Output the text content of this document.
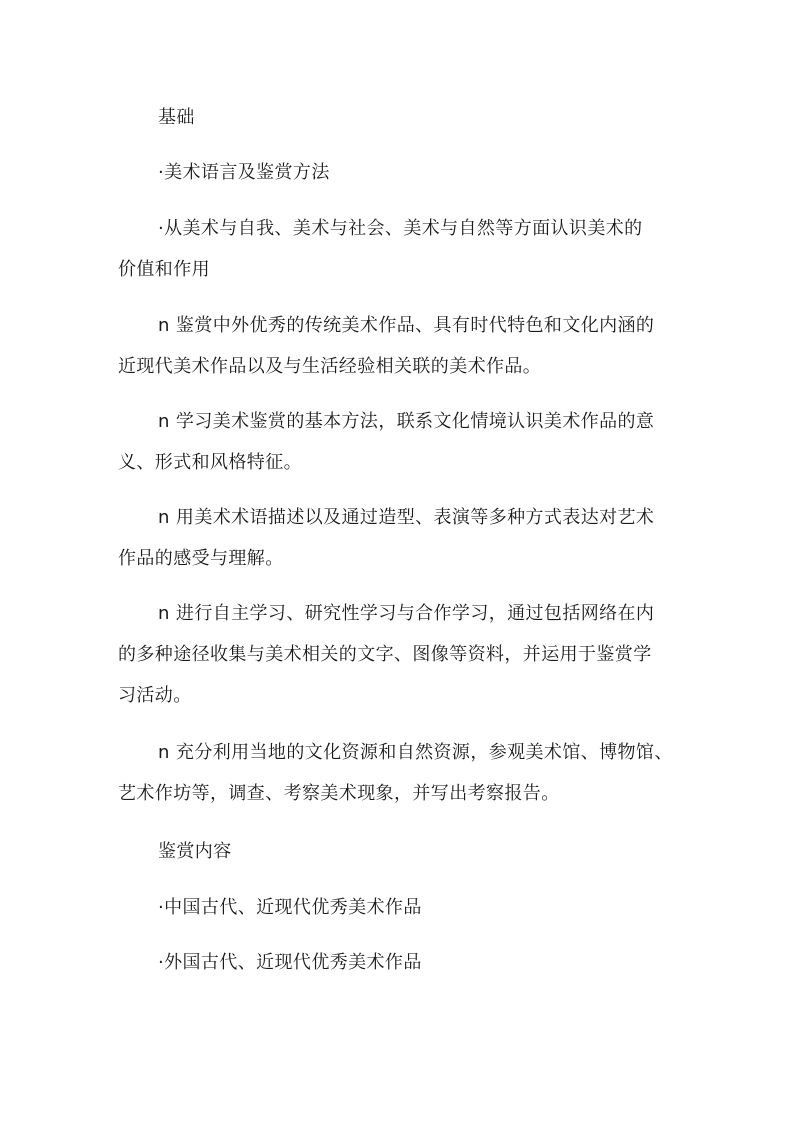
基础

·美术语言及鉴赏方法

·从美术与自我、美术与社会、美术与自然等方面认识美术的
价值和作用

n 鉴赏中外优秀的传统美术作品、具有时代特色和文化内涵的
近现代美术作品以及与生活经验相关联的美术作品。

n 学习美术鉴赏的基本方法，联系文化情境认识美术作品的意
义、形式和风格特征。

n 用美术术语描述以及通过造型、表演等多种方式表达对艺术
作品的感受与理解。

n 进行自主学习、研究性学习与合作学习，通过包括网络在内
的多种途径收集与美术相关的文字、图像等资料，并运用于鉴赏学
习活动。

n 充分利用当地的文化资源和自然资源，参观美术馆、博物馆、
艺术作坊等，调查、考察美术现象，并写出考察报告。

鉴赏内容

·中国古代、近现代优秀美术作品

·外国古代、近现代优秀美术作品
